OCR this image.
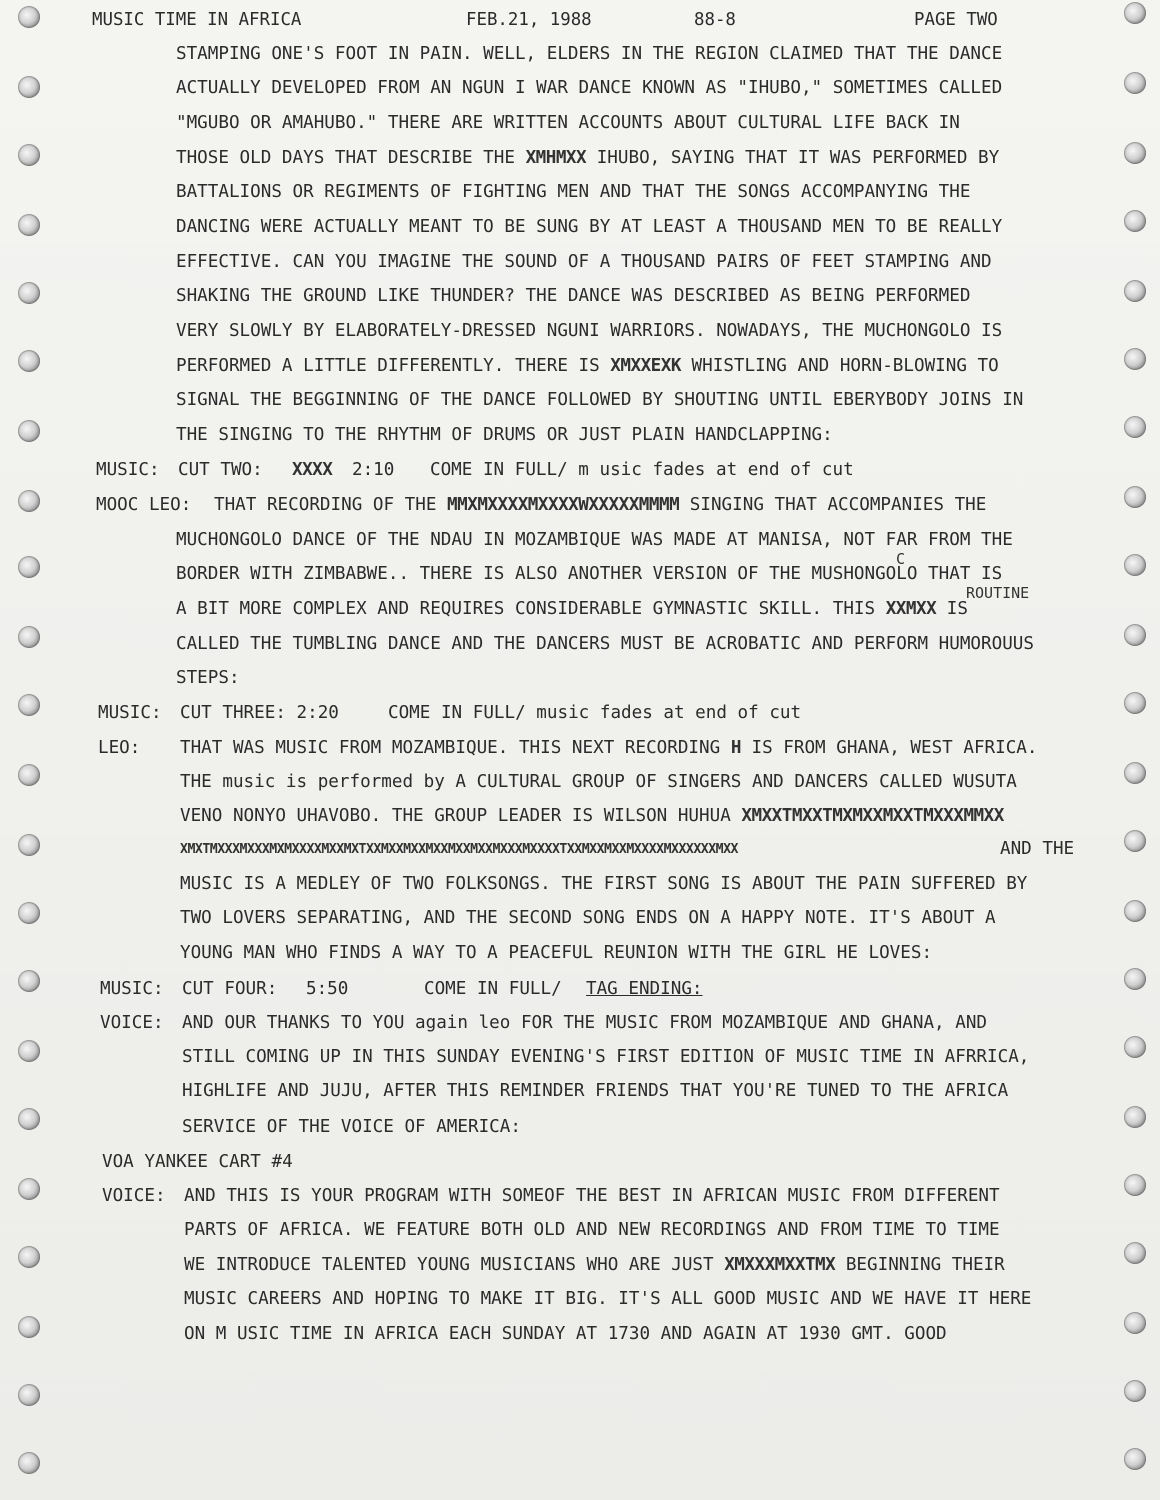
MUSIC TIME IN AFRICA	FEB.21, 1988	88-8	PAGE TWO
STAMPING ONE'S FOOT IN PAIN. WELL, ELDERS IN THE REGION CLAIMED THAT THE DANCE
ACTUALLY DEVELOPED FROM AN NGUN I WAR DANCE KNOWN AS "IHUBO," SOMETIMES CALLED
"MGUBO OR AMAHUBO." THERE ARE WRITTEN ACCOUNTS ABOUT CULTURAL LIFE BACK IN
THOSE OLD DAYS THAT DESCRIBE THE XMHMXX IHUBO, SAYING THAT IT WAS PERFORMED BY
BATTALIONS OR REGIMENTS OF FIGHTING MEN AND THAT THE SONGS ACCOMPANYING THE
DANCING WERE ACTUALLY MEANT TO BE SUNG BY AT LEAST A THOUSAND MEN TO BE REALLY
EFFECTIVE. CAN YOU IMAGINE THE SOUND OF A THOUSAND PAIRS OF FEET STAMPING AND
SHAKING THE GROUND LIKE THUNDER? THE DANCE WAS DESCRIBED AS BEING PERFORMED
VERY SLOWLY BY ELABORATELY-DRESSED NGUNI WARRIORS. NOWADAYS, THE MUCHONGOLO IS
PERFORMED A LITTLE DIFFERENTLY. THERE IS XMXXEXK WHISTLING AND HORN-BLOWING TO
SIGNAL THE BEGGINNING OF THE DANCE FOLLOWED BY SHOUTING UNTIL EBERYBODY JOINS IN
THE SINGING TO THE RHYTHM OF DRUMS OR JUST PLAIN HANDCLAPPING:
MUSIC: CUT TWO: XXXX 2:10 COME IN FULL/ m usic fades at end of cut
MOOC LEO: THAT RECORDING OF THE MMXMXXXXMXXXXWXXXXXMMMM SINGING THAT ACCOMPANIES THE
MUCHONGOLO DANCE OF THE NDAU IN MOZAMBIQUE WAS MADE AT MANISA, NOT FAR FROM THE
C
BORDER WITH ZIMBABWE.. THERE IS ALSO ANOTHER VERSION OF THE MUSHONGOLO THAT IS
ROUTINE
A BIT MORE COMPLEX AND REQUIRES CONSIDERABLE GYMNASTIC SKILL. THIS XXMXX IS
CALLED THE TUMBLING DANCE AND THE DANCERS MUST BE ACROBATIC AND PERFORM HUMOROUUS
STEPS:
MUSIC: CUT THREE: 2:20	COME IN FULL/ music fades at end of cut
LEO: THAT WAS MUSIC FROM MOZAMBIQUE. THIS NEXT RECORDING H IS FROM GHANA, WEST AFRICA.
THE music is performed by A CULTURAL GROUP OF SINGERS AND DANCERS CALLED WUSUTA
VENO NONYO UHAVOBO. THE GROUP LEADER IS WILSON HUHUA XMXXTMXXTMXMXXMXXTMXXXMMXX
XMXTMXXXMXXXMXMXXXXMXXMXTXXMXXMXXMXXMXXMXXMXXXMXXXXTXXMXXMXXMXXXXMXXXXXXMXX	AND THE
MUSIC IS A MEDLEY OF TWO FOLKSONGS. THE FIRST SONG IS ABOUT THE PAIN SUFFERED BY
TWO LOVERS SEPARATING, AND THE SECOND SONG ENDS ON A HAPPY NOTE. IT'S ABOUT A
YOUNG MAN WHO FINDS A WAY TO A PEACEFUL REUNION WITH THE GIRL HE LOVES:
MUSIC: CUT FOUR: 5:50	COME IN FULL/ TAG ENDING:
VOICE: AND OUR THANKS TO YOU again leo FOR THE MUSIC FROM MOZAMBIQUE AND GHANA, AND
STILL COMING UP IN THIS SUNDAY EVENING'S FIRST EDITION OF MUSIC TIME IN AFRRICA,
HIGHLIFE AND JUJU, AFTER THIS REMINDER FRIENDS THAT YOU'RE TUNED TO THE AFRICA
SERVICE OF THE VOICE OF AMERICA:
VOA YANKEE CART #4
VOICE: AND THIS IS YOUR PROGRAM WITH SOMEOF THE BEST IN AFRICAN MUSIC FROM DIFFERENT
PARTS OF AFRICA. WE FEATURE BOTH OLD AND NEW RECORDINGS AND FROM TIME TO TIME
WE INTRODUCE TALENTED YOUNG MUSICIANS WHO ARE JUST XMXXXMXXTMX BEGINNING THEIR
MUSIC CAREERS AND HOPING TO MAKE IT BIG. IT'S ALL GOOD MUSIC AND WE HAVE IT HERE
ON M USIC TIME IN AFRICA EACH SUNDAY AT 1730 AND AGAIN AT 1930 GMT. GOOD
